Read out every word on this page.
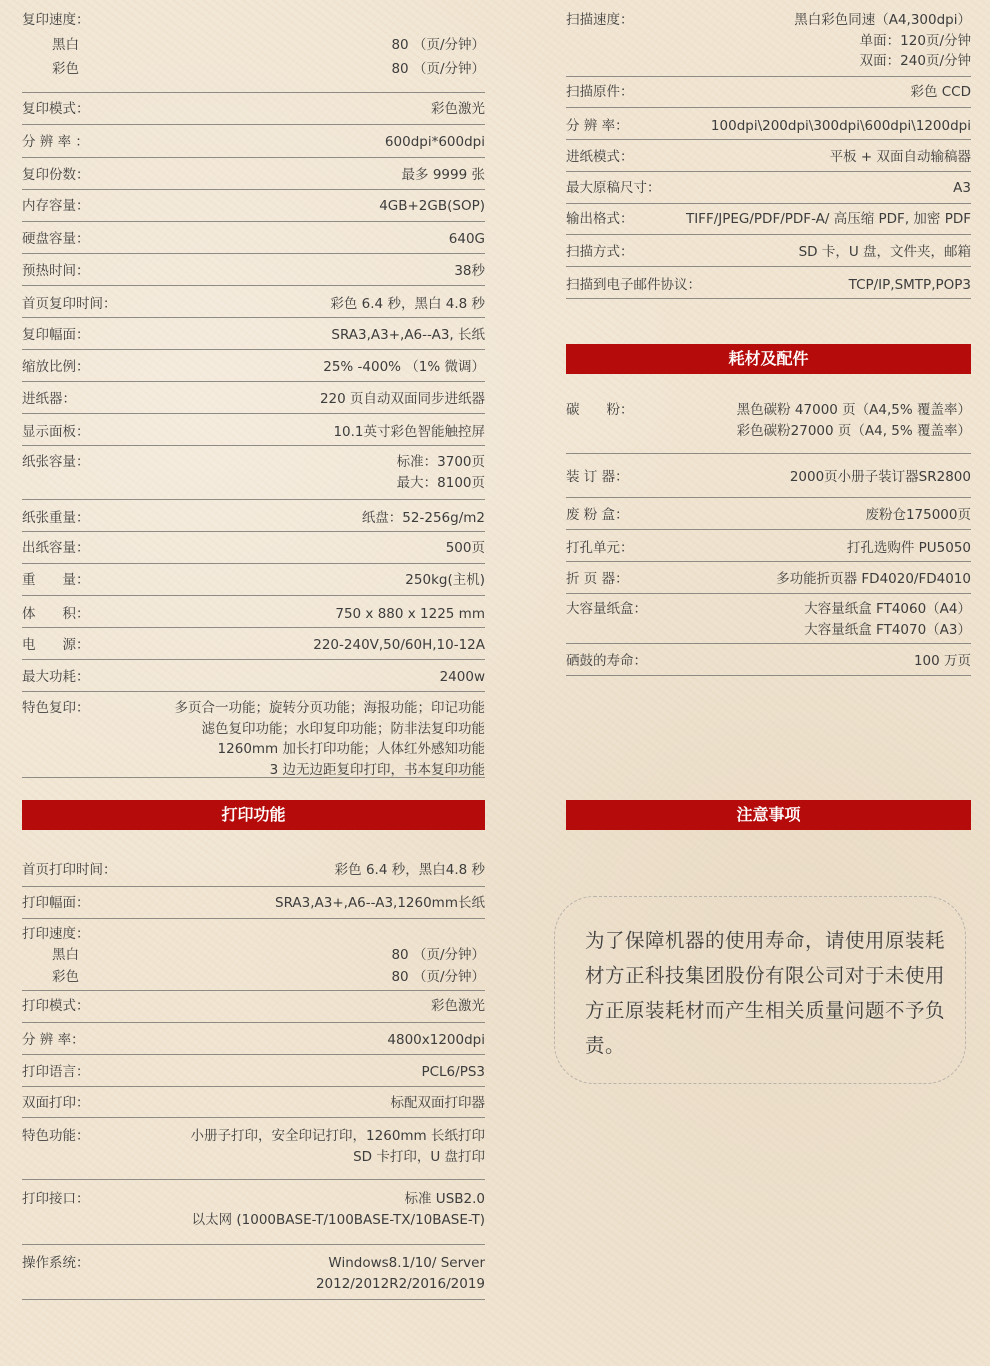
复印速度：
黑白	80 （页/分钟）
彩色	80 （页/分钟）
复印模式：	彩色激光
分 辨 率 ：	600dpi*600dpi
复印份数：	最多 9999 张
内存容量：	4GB+2GB(SOP)
硬盘容量：	640G
预热时间：	38秒
首页复印时间：	彩色 6.4 秒，黑白 4.8 秒
复印幅面：	SRA3,A3+,A6--A3, 长纸
缩放比例：	25% -400% （1% 微调）
进纸器：	220 页自动双面同步进纸器
显示面板：	10.1英寸彩色智能触控屏
纸张容量：	标准：3700页
最大：8100页
纸张重量：	纸盘：52-256g/m2
出纸容量：	500页
重　　量：	250kg(主机)
体　　积：	750 x 880 x 1225 mm
电　　源：	220-240V,50/60H,10-12A
最大功耗：	2400w
特色复印：	多页合一功能；旋转分页功能；海报功能；印记功能
滤色复印功能；水印复印功能；防非法复印功能
1260mm 加长打印功能；人体红外感知功能
3 边无边距复印打印，书本复印功能
打印功能
首页打印时间：	彩色 6.4 秒，黑白4.8 秒
打印幅面：	SRA3,A3+,A6--A3,1260mm长纸
打印速度：
黑白	80 （页/分钟）
彩色	80 （页/分钟）
打印模式：	彩色激光
分 辨 率：	4800x1200dpi
打印语言：	PCL6/PS3
双面打印：	标配双面打印器
特色功能：	小册子打印，安全印记打印，1260mm 长纸打印
SD 卡打印，U 盘打印
打印接口：	标准 USB2.0
以太网 (1000BASE-T/100BASE-TX/10BASE-T)
操作系统：	Windows8.1/10/ Server
2012/2012R2/2016/2019
扫描速度：	黑白彩色同速（A4,300dpi）
单面：120页/分钟
双面：240页/分钟
扫描原件：	彩色 CCD
分 辨 率：	100dpi\200dpi\300dpi\600dpi\1200dpi
进纸模式：	平板 + 双面自动输稿器
最大原稿尺寸：	A3
输出格式：	TIFF/JPEG/PDF/PDF-A/ 高压缩 PDF, 加密 PDF
扫描方式：	SD 卡，U 盘，文件夹，邮箱
扫描到电子邮件协议：	TCP/IP,SMTP,POP3
耗材及配件
碳　　粉：	黑色碳粉 47000 页（A4,5% 覆盖率）
彩色碳粉27000 页（A4, 5% 覆盖率）
装 订 器：	2000页小册子装订器SR2800
废 粉 盒：	废粉仓175000页
打孔单元：	打孔选购件 PU5050
折 页 器：	多功能折页器 FD4020/FD4010
大容量纸盒：	大容量纸盒 FT4060（A4）
大容量纸盒 FT4070（A3）
硒鼓的寿命：	100 万页
注意事项
为了保障机器的使用寿命，请使用原装耗材方正科技集团股份有限公司对于未使用方正原装耗材而产生相关质量问题不予负责。
